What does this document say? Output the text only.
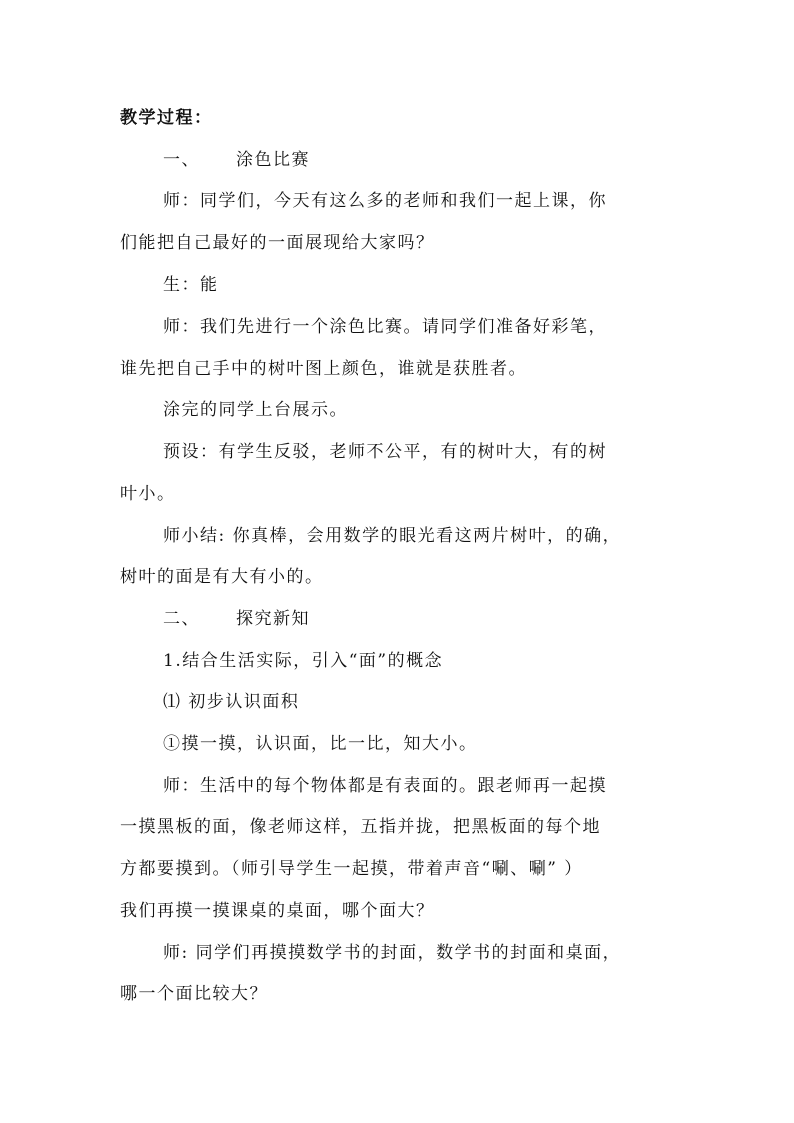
教学过程：
一、 涂色比赛
师：同学们，今天有这么多的老师和我们一起上课，你
们能把自己最好的一面展现给大家吗？
生：能
师：我们先进行一个涂色比赛。请同学们准备好彩笔，
谁先把自己手中的树叶图上颜色，谁就是获胜者。
涂完的同学上台展示。
预设：有学生反驳，老师不公平，有的树叶大，有的树
叶小。
师小结: 你真棒，会用数学的眼光看这两片树叶，的确，
树叶的面是有大有小的。
二、 探究新知
1.结合生活实际，引入“面”的概念
⑴ 初步认识面积
①摸一摸，认识面，比一比，知大小。
师：生活中的每个物体都是有表面的。跟老师再一起摸
一摸黑板的面，像老师这样，五指并拢，把黑板面的每个地
方都要摸到。（师引导学生一起摸，带着声音“唰、唰” ）
我们再摸一摸课桌的桌面，哪个面大？
师: 同学们再摸摸数学书的封面，数学书的封面和桌面，
哪一个面比较大？
